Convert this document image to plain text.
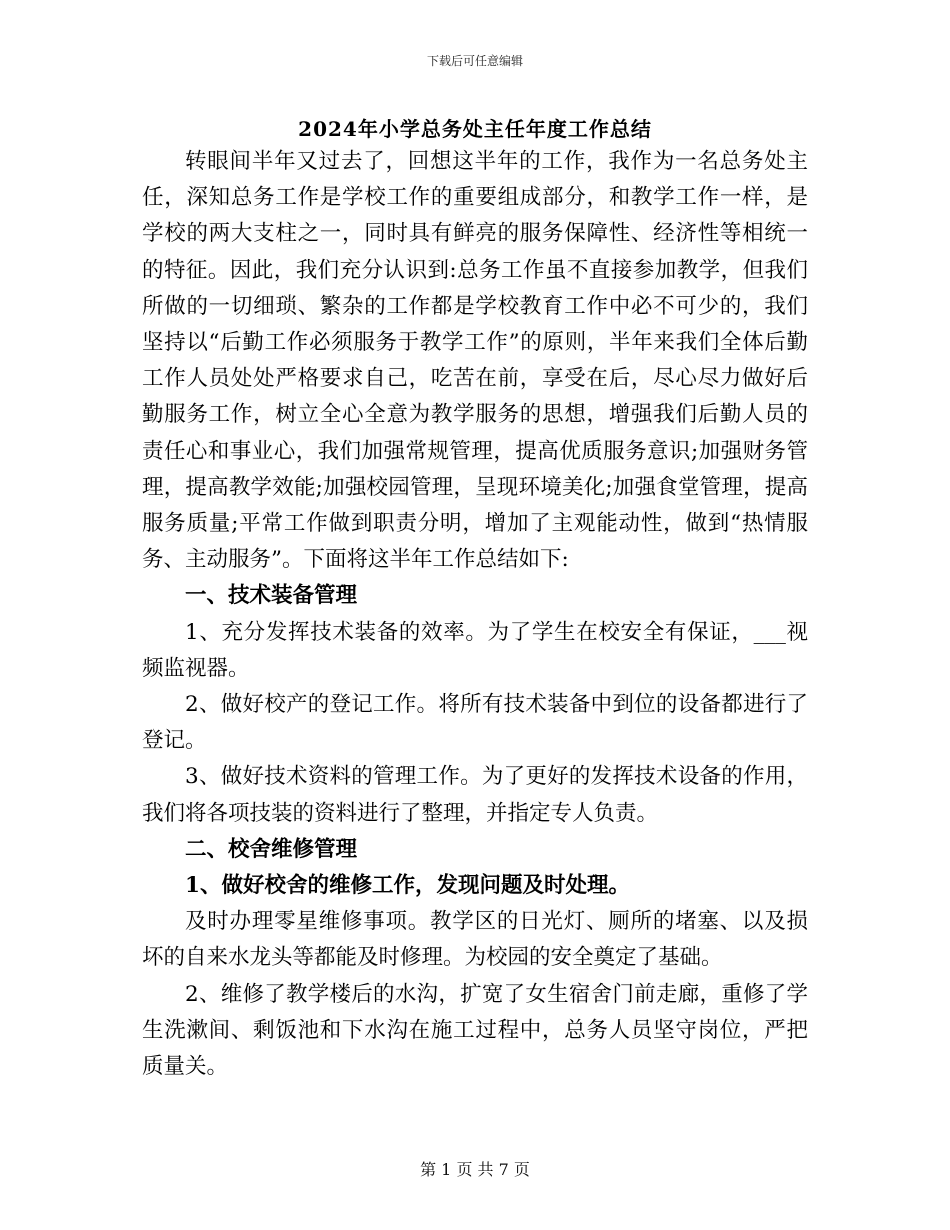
下载后可任意编辑
2024年小学总务处主任年度工作总结

转眼间半年又过去了，回想这半年的工作，我作为一名总务处主任，深知总务工作是学校工作的重要组成部分，和教学工作一样，是学校的两大支柱之一，同时具有鲜亮的服务保障性、经济性等相统一的特征。因此，我们充分认识到:总务工作虽不直接参加教学，但我们所做的一切细琐、繁杂的工作都是学校教育工作中必不可少的，我们坚持以“后勤工作必须服务于教学工作”的原则，半年来我们全体后勤工作人员处处严格要求自己，吃苦在前，享受在后，尽心尽力做好后勤服务工作，树立全心全意为教学服务的思想，增强我们后勤人员的责任心和事业心，我们加强常规管理，提高优质服务意识;加强财务管理，提高教学效能;加强校园管理，呈现环境美化;加强食堂管理，提高服务质量;平常工作做到职责分明，增加了主观能动性，做到“热情服务、主动服务”。下面将这半年工作总结如下:

一、技术装备管理

1、充分发挥技术装备的效率。为了学生在校安全有保证，___视频监视器。

2、做好校产的登记工作。将所有技术装备中到位的设备都进行了登记。

3、做好技术资料的管理工作。为了更好的发挥技术设备的作用，我们将各项技装的资料进行了整理，并指定专人负责。

二、校舍维修管理

1、做好校舍的维修工作，发现问题及时处理。

及时办理零星维修事项。教学区的日光灯、厕所的堵塞、以及损坏的自来水龙头等都能及时修理。为校园的安全奠定了基础。

2、维修了教学楼后的水沟，扩宽了女生宿舍门前走廊，重修了学生洗漱间、剩饭池和下水沟在施工过程中，总务人员坚守岗位，严把质量关。

第 1 页 共 7 页
